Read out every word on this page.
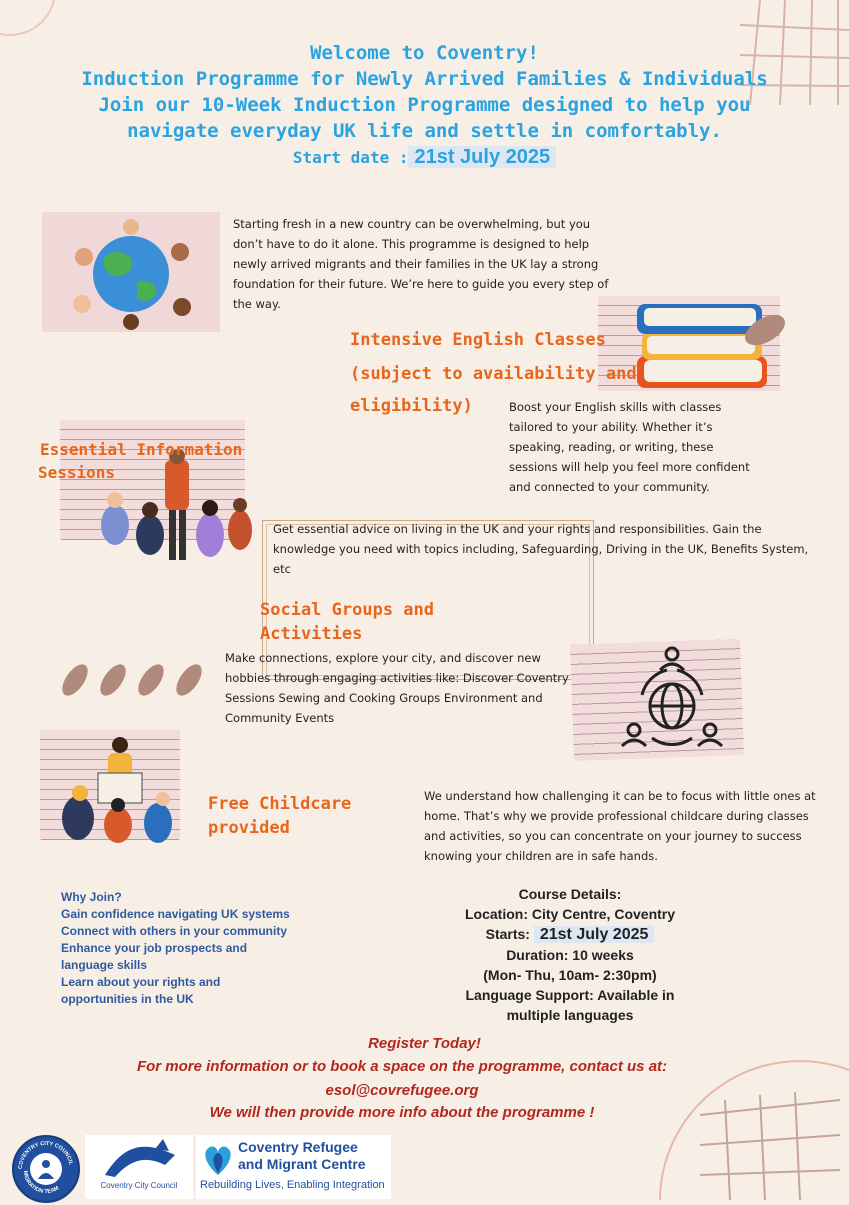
Welcome to Coventry!
Induction Programme for Newly Arrived Families & Individuals
Join our 10-Week Induction Programme designed to help you
navigate everyday UK life and settle in comfortably.
Start date : 21st July 2025
Starting fresh in a new country can be overwhelming, but you don’t have to do it alone. This programme is designed to help newly arrived migrants and their families in the UK lay a strong foundation for their future. We’re here to guide you every step of the way.
Intensive English Classes
(subject to availability and
eligibility)	Boost your English skills with classes tailored to your ability. Whether it’s speaking, reading, or writing, these sessions will help you feel more confident and connected to your community.
Essential Information
Sessions
Get essential advice on living in the UK and your rights and responsibilities. Gain the knowledge you need with topics including, Safeguarding, Driving in the UK, Benefits System, etc
Social Groups and
Activities
Make connections, explore your city, and discover new hobbies through engaging activities like: Discover Coventry Sessions Sewing and Cooking Groups Environment and Community Events
Free Childcare
provided
We understand how challenging it can be to focus with little ones at home. That’s why we provide professional childcare during classes and activities, so you can concentrate on your journey to success knowing your children are in safe hands.
Why Join?
Gain confidence navigating UK systems
Connect with others in your community
Enhance your job prospects and language skills
Learn about your rights and opportunities in the UK
Course Details:
Location: City Centre, Coventry
Starts: 21st July 2025
Duration: 10 weeks
(Mon- Thu, 10am- 2:30pm)
Language Support: Available in
multiple languages
Register Today!
For more information or to book a space on the programme, contact us at:
esol@covrefugee.org
We will then provide more info about the programme !
COVENTRY CITY COUNCIL
MIGRATION TEAM	Coventry City Council
Coventry Refugee
and Migrant Centre
Rebuilding Lives, Enabling Integration
